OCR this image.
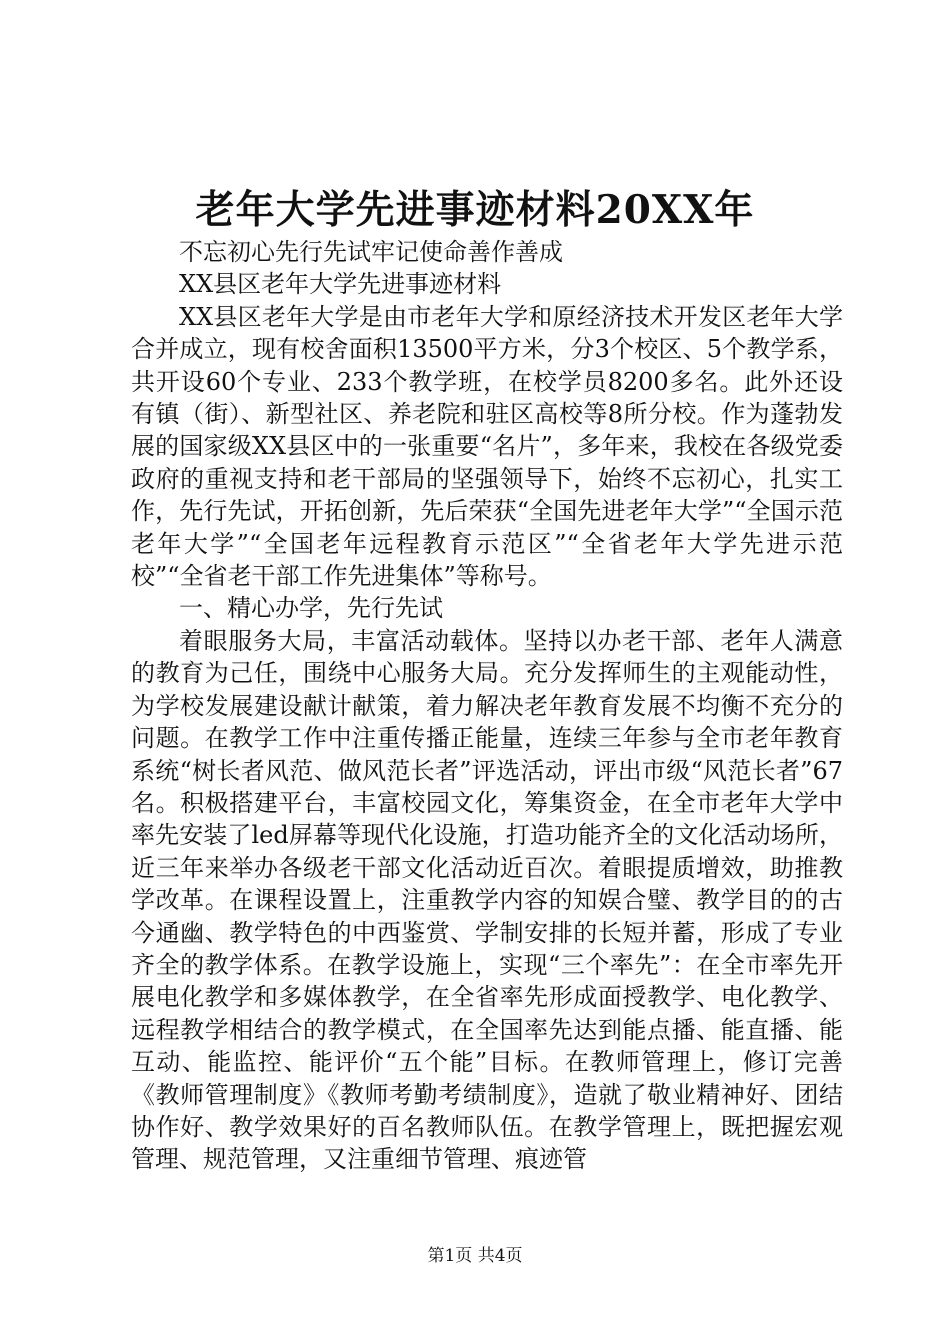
老年大学先进事迹材料20XX年

不忘初心先行先试牢记使命善作善成

XX县区老年大学先进事迹材料

XX县区老年大学是由市老年大学和原经济技术开发区老年大学合并成立，现有校舍面积13500平方米，分3个校区、5个教学系，共开设60个专业、233个教学班，在校学员8200多名。此外还设有镇（街）、新型社区、养老院和驻区高校等8所分校。作为蓬勃发展的国家级XX县区中的一张重要“名片”，多年来，我校在各级党委政府的重视支持和老干部局的坚强领导下，始终不忘初心，扎实工作，先行先试，开拓创新，先后荣获“全国先进老年大学”“全国示范老年大学”“全国老年远程教育示范区”“全省老年大学先进示范校”“全省老干部工作先进集体”等称号。

一、精心办学，先行先试

着眼服务大局，丰富活动载体。坚持以办老干部、老年人满意的教育为己任，围绕中心服务大局。充分发挥师生的主观能动性，为学校发展建设献计献策，着力解决老年教育发展不均衡不充分的问题。在教学工作中注重传播正能量，连续三年参与全市老年教育系统“树长者风范、做风范长者”评选活动，评出市级“风范长者”67名。积极搭建平台，丰富校园文化，筹集资金，在全市老年大学中率先安装了led屏幕等现代化设施，打造功能齐全的文化活动场所，近三年来举办各级老干部文化活动近百次。着眼提质增效，助推教学改革。在课程设置上，注重教学内容的知娱合璧、教学目的的古今通幽、教学特色的中西鉴赏、学制安排的长短并蓄，形成了专业齐全的教学体系。在教学设施上，实现“三个率先”：在全市率先开展电化教学和多媒体教学，在全省率先形成面授教学、电化教学、远程教学相结合的教学模式，在全国率先达到能点播、能直播、能互动、能监控、能评价“五个能”目标。在教师管理上，修订完善《教师管理制度》《教师考勤考绩制度》，造就了敬业精神好、团结协作好、教学效果好的百名教师队伍。在教学管理上，既把握宏观管理、规范管理，又注重细节管理、痕迹管

第1页 共4页
